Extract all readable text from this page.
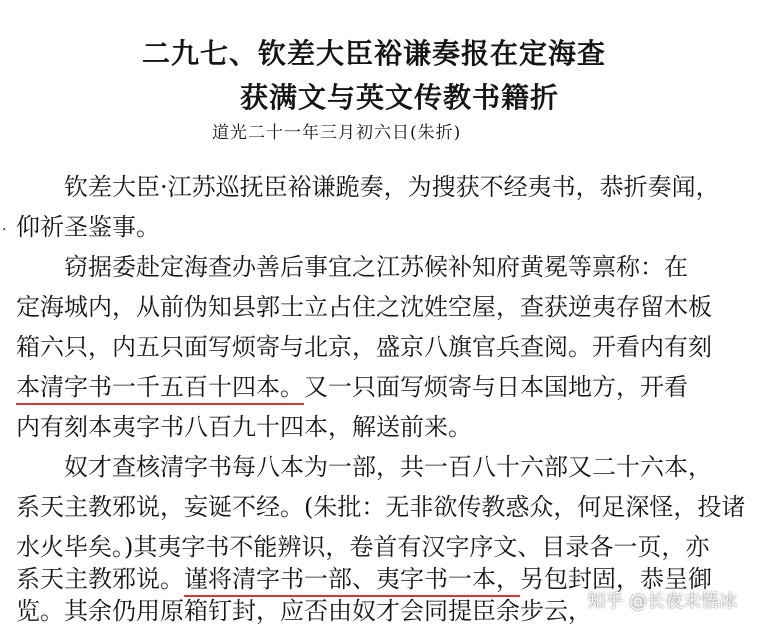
二九七、钦差大臣裕谦奏报在定海查
获满文与英文传教书籍折
道光二十一年三月初六日(朱折)
·
钦差大臣·江苏巡抚臣裕谦跪奏，为搜获不经夷书，恭折奏闻，
仰祈圣鉴事。
窃据委赴定海查办善后事宜之江苏候补知府黄冕等禀称：在
定海城内，从前伪知县郭士立占住之沈姓空屋，查获逆夷存留木板
箱六只，内五只面写烦寄与北京，盛京八旗官兵查阅。开看内有刻
本清字书一千五百十四本。又一只面写烦寄与日本国地方，开看
内有刻本夷字书八百九十四本，解送前来。
奴才查核清字书每八本为一部，共一百八十六部又二十六本，
系天主教邪说，妄诞不经。(朱批：无非欲传教惑众，何足深怪，投诸
水火毕矣。)其夷字书不能辨识，卷首有汉字序文、目录各一页，亦
系天主教邪说。谨将清字书一部、夷字书一本，另包封固，恭呈御
览。其余仍用原箱钉封，应否由奴才会同提臣余步云，
知乎 @长夜未悟冰
